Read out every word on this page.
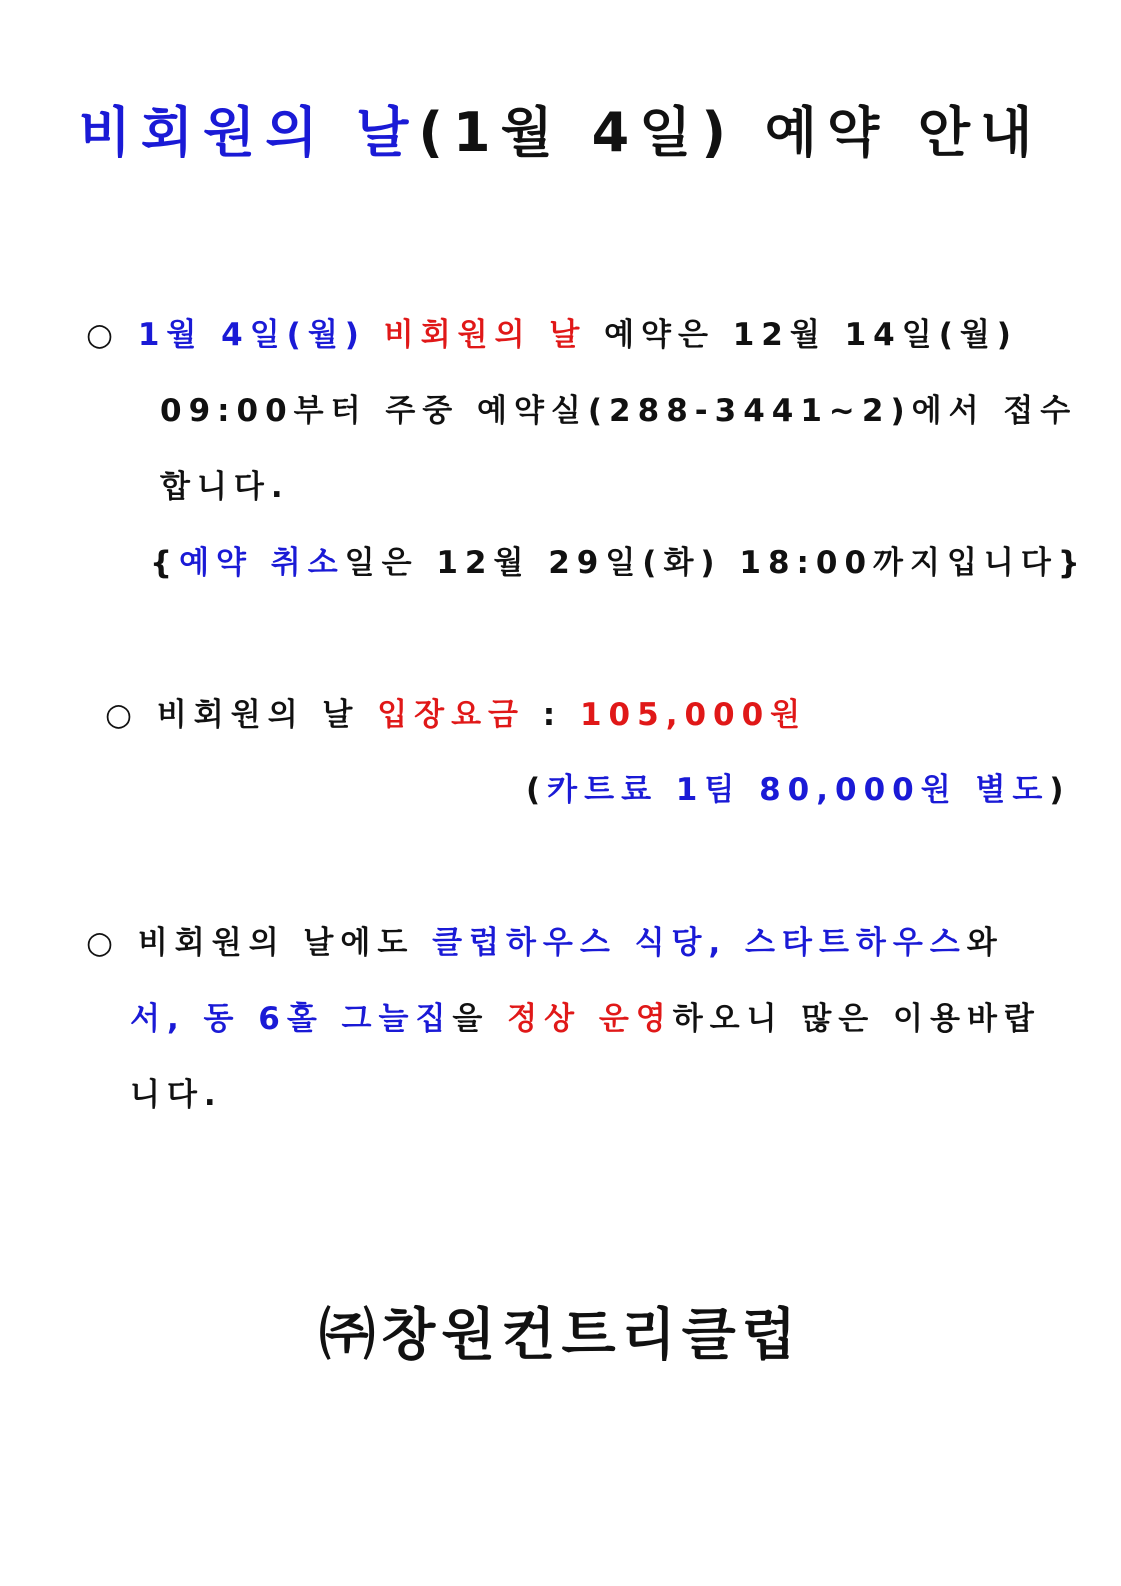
비회원의 날(1월 4일) 예약 안내
○ 1월 4일(월) 비회원의 날 예약은 12월 14일(월)
09:00부터 주중 예약실(288-3441∼2)에서 접수
합니다.
{예약 취소일은 12월 29일(화) 18:00까지입니다}
○ 비회원의 날 입장요금 : 105,000원
(카트료 1팀 80,000원 별도)
○ 비회원의 날에도 클럽하우스 식당, 스타트하우스와
서, 동 6홀 그늘집을 정상 운영하오니 많은 이용바랍
니다.
㈜창원컨트리클럽
